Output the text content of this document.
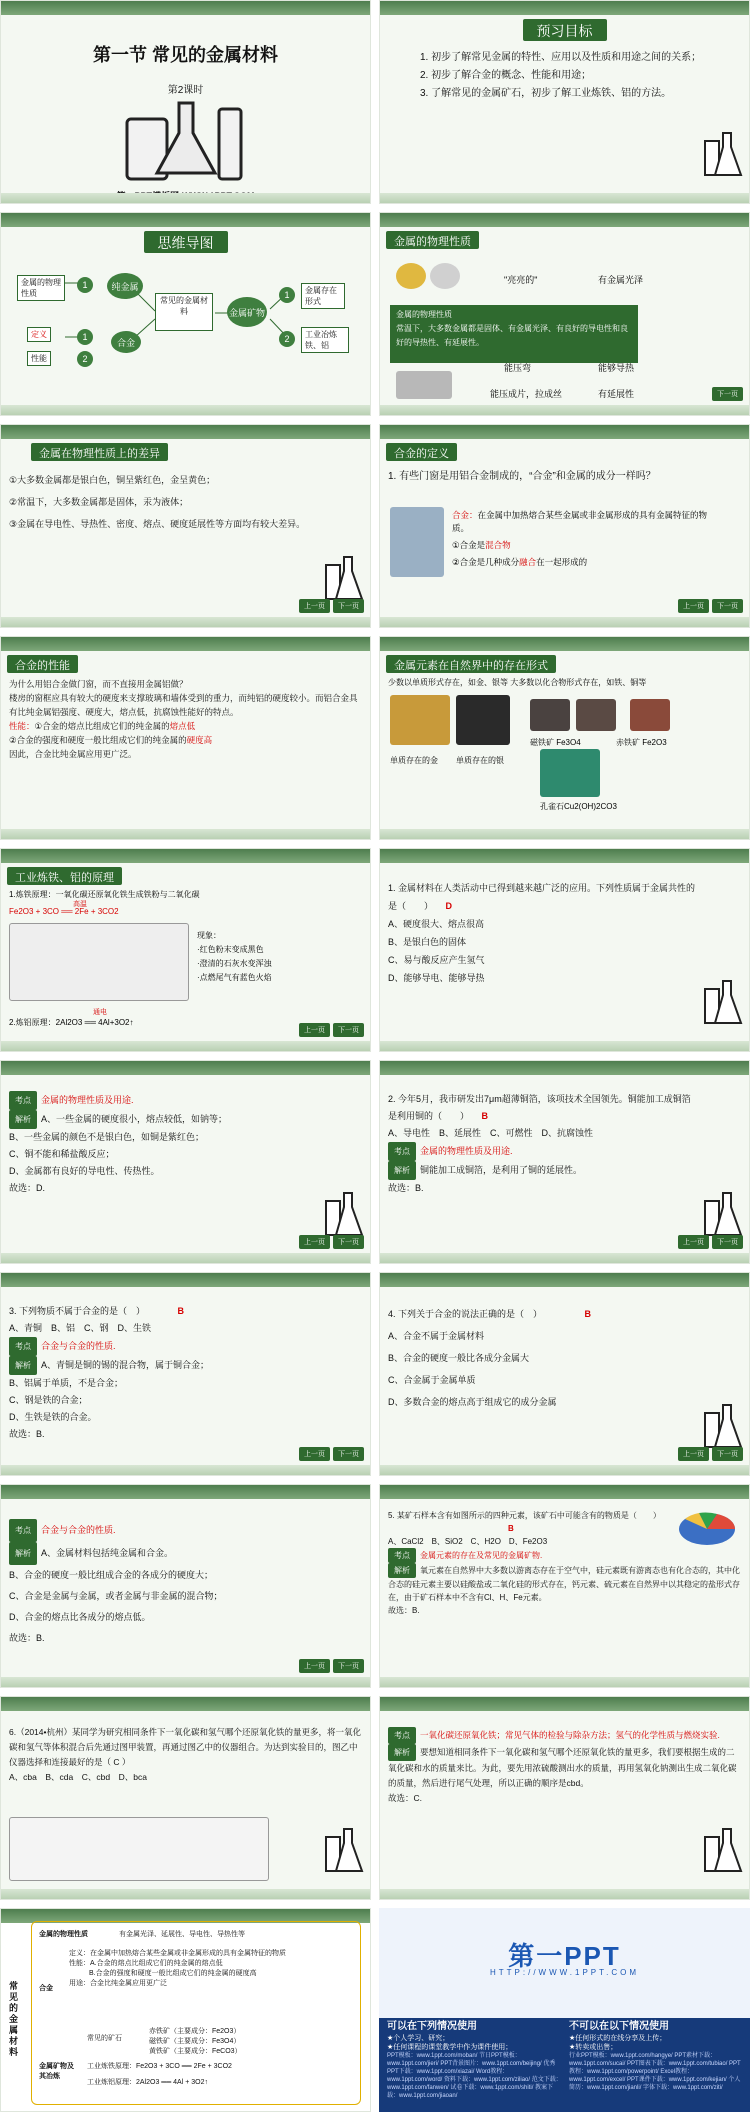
第一节 常见的金属材料
第2课时
预习目标
1. 初步了解常见金属的特性、应用以及性质和用途之间的关系；
2. 初步了解合金的概念、性能和用途；
3. 了解常见的金属矿石，初步了解工业炼铁、铝的方法。
思维导图
金属的物理性质
1	纯金属
定义
性能
1
2
合金
常见的金属材料	金属矿物
1
2
金属存在形式
工业冶炼铁、铝
金属的物理性质
"亮亮的"	有金属光泽
金属的物理性质
常温下，大多数金属都是固体、有金属光泽、有良好的导电性和良好的导热性、有延展性。
能压弯	能够导热
能压成片，拉成丝	有延展性	下一页
金属在物理性质上的差异
①大多数金属都是银白色，铜呈紫红色，金呈黄色；
②常温下，大多数金属都是固体，汞为液体；
③金属在导电性、导热性、密度、熔点、硬度延展性等方面均有较大差异。
上一页	下一页
合金的定义
1. 有些门窗是用铝合金制成的，“合金”和金属的成分一样吗？
合金：在金属中加热熔合某些金属或非金属形成的具有金属特征的物质。
①合金是混合物
②合金是几种成分融合在一起形成的
上一页	下一页
合金的性能
为什么用铝合金做门窗，而不直接用金属铝做？
楼房的窗框应具有较大的硬度来支撑玻璃和墙体受到的重力，而纯铝的硬度较小。而铝合金具有比纯金属铝强度、硬度大，熔点低，抗腐蚀性能好的特点。
性能：①合金的熔点比组成它们的纯金属的熔点低
②合金的强度和硬度一般比组成它们的纯金属的硬度高
因此，合金比纯金属应用更广泛。
金属元素在自然界中的存在形式
少数以单质形式存在，如金、银等 大多数以化合物形式存在，如铁、铜等
磁铁矿 Fe3O4	赤铁矿 Fe2O3
单质存在的金 单质存在的银
孔雀石Cu2(OH)2CO3
工业炼铁、铝的原理
1.炼铁原理：一氧化碳还原氧化铁生成铁粉与二氧化碳
高温
Fe2O3 + 3CO ══ 2Fe + 3CO2
现象：
·红色粉末变成黑色
·澄清的石灰水变浑浊
·点燃尾气有蓝色火焰
通电
2.炼铝原理：2Al2O3 ══ 4Al+3O2↑
上一页	下一页
1. 金属材料在人类活动中已得到越来越广泛的应用。下列性质属于金属共性的是（　　） D
A、硬度很大、熔点很高
B、是银白色的固体
C、易与酸反应产生氢气
D、能够导电、能够导热
考点 金属的物理性质及用途.
解析 A、一些金属的硬度很小，熔点较低，如钠等；
B、一些金属的颜色不是银白色，如铜是紫红色；
C、铜不能和稀盐酸反应；
D、金属都有良好的导电性、传热性。
故选：D.
上一页	下一页
2. 今年5月，我市研发出7μm超薄铜箔，该项技术全国领先。铜能加工成铜箔是利用铜的（　　） B
A、导电性　B、延展性　C、可燃性　D、抗腐蚀性
考点 金属的物理性质及用途.
解析 铜能加工成铜箔，是利用了铜的延展性。
故选：B.
上一页	下一页
3. 下列物质不属于合金的是（　）	B
A、青铜　B、铝　C、钢　D、生铁
考点 合金与合金的性质.
解析 A、青铜是铜的锡的混合物，属于铜合金；
B、铝属于单质，不是合金；
C、钢是铁的合金；
D、生铁是铁的合金。
故选：B.
上一页	下一页
4. 下列关于合金的说法正确的是（　）	B
A、合金不属于金属材料
B、合金的硬度一般比各成分金属大
C、合金属于金属单质
D、多数合金的熔点高于组成它的成分金属
上一页	下一页
考点 合金与合金的性质.
解析 A、金属材料包括纯金属和合金。
B、合金的硬度一般比组成合金的各成分的硬度大；
C、合金是金属与金属，或者金属与非金属的混合物；
D、合金的熔点比各成分的熔点低。
故选：B.
上一页	下一页
5. 某矿石样本含有如图所示的四种元素，该矿石中可能含有的物质是（　　）
B
A、CaCl2　B、SiO2　C、H2O　D、Fe2O3
考点 金属元素的存在及常见的金属矿物.
解析 氧元素在自然界中大多数以游离态存在于空气中，硅元素既有游离态也有化合态的，其中化合态的硅元素主要以硅酸盐或二氧化硅的形式存在，钙元素、硫元素在自然界中以其稳定的盐形式存在，由于矿石样本中不含有Cl、H、Fe元素。
故选：B.
6.（2014•杭州）某同学为研究相同条件下一氧化碳和氢气哪个还原氧化铁的量更多，将一氧化碳和氢气等体积混合后先通过图甲装置，再通过图乙中的仪器组合。为达到实验目的，图乙中仪器选择和连接最好的是（ C ）
A、cba　B、cda　C、cbd　D、bca
考点 一氧化碳还原氧化铁；常见气体的检验与除杂方法；氢气的化学性质与燃烧实验.
解析 要想知道相同条件下一氧化碳和氢气哪个还原氧化铁的量更多，我们要根据生成的二氧化碳和水的质量来比。为此，要先用浓硫酸测出水的质量，再用氢氧化钠测出生成二氧化碳的质量，然后进行尾气处理，所以正确的顺序是cbd。
故选：C.
常见的金属材料
金属的物理性质	有金属光泽、延展性、导电性、导热性等
合金
定义：在金属中加热熔合某些金属或非金属形成的具有金属特征的物质
性能：A.合金的熔点比组成它们的纯金属的熔点低
B.合金的强度和硬度一般比组成它们的纯金属的硬度高
用途：合金比纯金属应用更广泛
金属矿物及其冶炼
常见的矿石
赤铁矿（主要成分：Fe2O3）
磁铁矿（主要成分：Fe3O4）
黄铁矿（主要成分：FeCO3）
工业炼铁原理：Fe2O3 + 3CO ══ 2Fe + 3CO2
工业炼铝原理：2Al2O3 ══ 4Al + 3O2↑
第一PPT
HTTP://WWW.1PPT.COM
可以在下列情况使用
★个人学习、研究；
★任何课程的课堂教学中作为课件使用；
PPT模板：www.1ppt.com/moban/ 节日PPT模板：www.1ppt.com/jieri/ PPT背景图片：www.1ppt.com/beijing/ 优秀PPT下载：www.1ppt.com/xiazai/ Word教程：www.1ppt.com/word/ 资料下载：www.1ppt.com/ziliao/ 范文下载：www.1ppt.com/fanwen/ 试卷下载：www.1ppt.com/shiti/ 教案下载：www.1ppt.com/jiaoan/
不可以在以下情况使用
★任何形式的在线分享及上传；
★转卖或出售；
行业PPT模板：www.1ppt.com/hangye/ PPT素材下载：www.1ppt.com/sucai/ PPT图表下载：www.1ppt.com/tubiao/ PPT教程：www.1ppt.com/powerpoint/ Excel教程：www.1ppt.com/excel/ PPT课件下载：www.1ppt.com/kejian/ 个人简历：www.1ppt.com/jianli/ 字体下载：www.1ppt.com/ziti/
